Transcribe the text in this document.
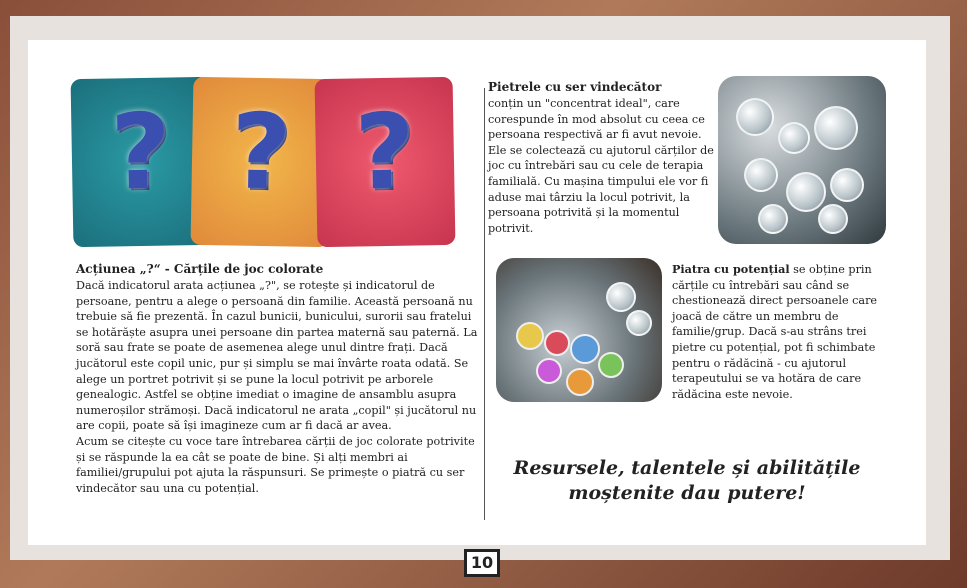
? ? ?
Acțiunea „?“ - Cărțile de joc colorate

Dacă indicatorul arata acțiunea „?", se rotește și indicatorul de persoane, pentru a alege o persoană din familie. Această persoană nu trebuie să fie prezentă. În cazul bunicii, bunicului, surorii sau fratelui se hotărăște asupra unei persoane din partea maternă sau paternă. La soră sau frate se poate de asemenea alege unul dintre frați. Dacă jucătorul este copil unic, pur și simplu se mai învârte roata odată. Se alege un portret potrivit și se pune la locul potrivit pe arborele genealogic. Astfel se obține imediat o imagine de ansamblu asupra numeroșilor strămoși. Dacă indicatorul ne arata „copil" și jucătorul nu are copii, poate să își imagineze cum ar fi dacă ar avea.

Acum se citește cu voce tare întrebarea cărții de joc colorate potrivite și se răspunde la ea cât se poate de bine. Și alți membri ai familiei/grupului pot ajuta la răspunsuri. Se primește o piatră cu ser vindecător sau una cu potențial.

Pietrele cu ser vindecător
conțin un "concentrat ideal", care corespunde în mod absolut cu ceea ce persoana respectivă ar fi avut nevoie. Ele se colectează cu ajutorul cărților de joc cu întrebări sau cu cele de terapia familială. Cu mașina timpului ele vor fi aduse mai târziu la locul potrivit, la persoana potrivită și la momentul potrivit.
Piatra cu potențial se obține prin cărțile cu întrebări sau când se chestionează direct persoanele care joacă de către un membru de familie/grup. Dacă s-au strâns trei pietre cu potențial, pot fi schimbate pentru o rădăcină - cu ajutorul terapeutului se va hotăra de care rădăcina este nevoie.
Resursele, talentele și abilitățile moștenite dau putere!
10
